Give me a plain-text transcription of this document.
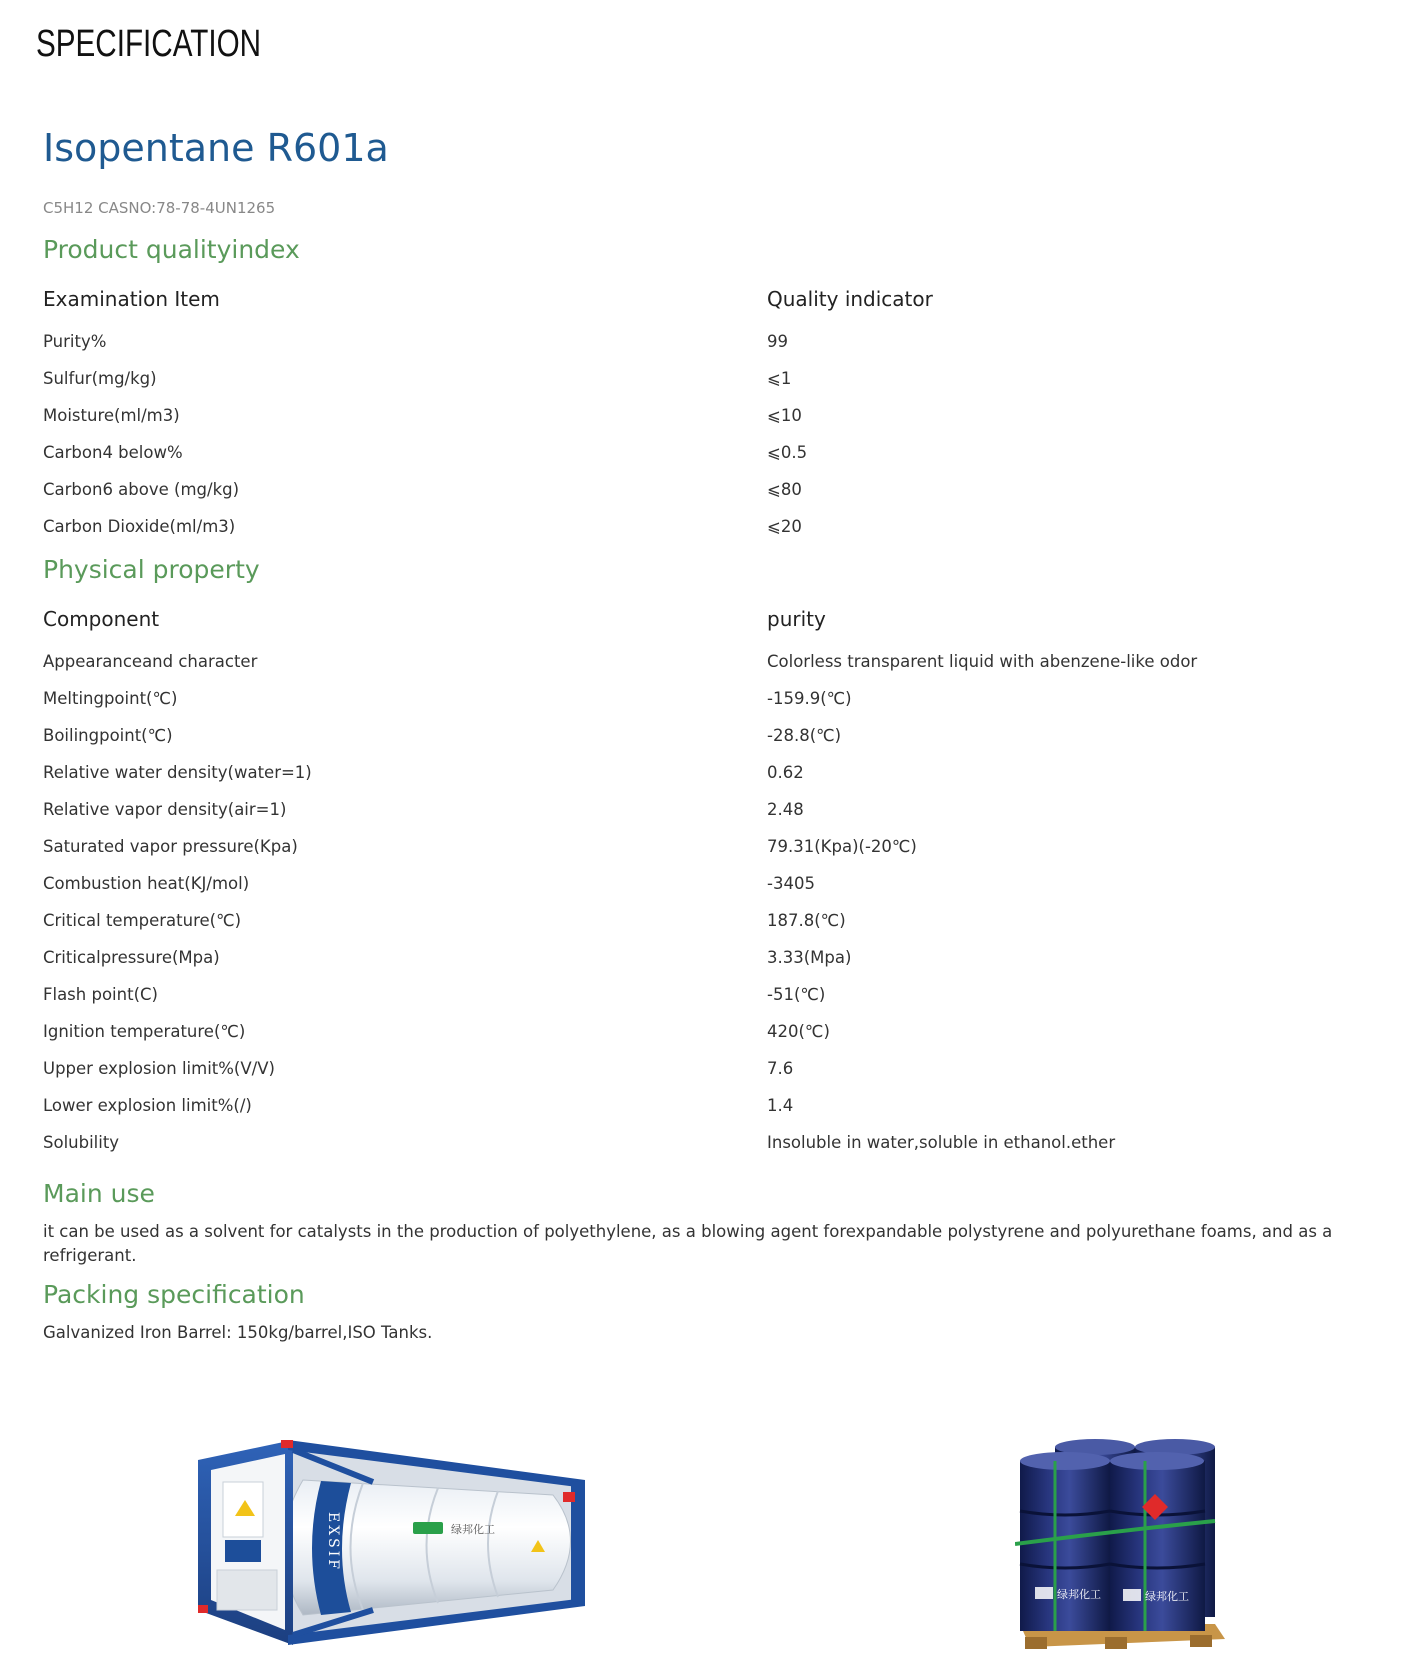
SPECIFICATION
Isopentane R601a
C5H12 CASNO:78-78-4UN1265
Product qualityindex
Examination Item	Quality indicator
Purity%	99
Sulfur(mg/kg)	⩽1
Moisture(ml/m3)	⩽10
Carbon4 below%	⩽0.5
Carbon6 above (mg/kg)	⩽80
Carbon Dioxide(ml/m3)	⩽20
Physical property
Component	purity
Appearanceand character	Colorless transparent liquid with abenzene-like odor
Meltingpoint(℃)	-159.9(℃)
Boilingpoint(℃)	-28.8(℃)
Relative water density(water=1)	0.62
Relative vapor density(air=1)	2.48
Saturated vapor pressure(Kpa)	79.31(Kpa)(-20℃)
Combustion heat(KJ/mol)	-3405
Critical temperature(℃)	187.8(℃)
Criticalpressure(Mpa)	3.33(Mpa)
Flash point(C)	-51(℃)
Ignition temperature(℃)	420(℃)
Upper explosion limit%(V/V)	7.6
Lower explosion limit%(/)	1.4
Solubility	Insoluble in water,soluble in ethanol.ether
Main use

it can be used as a solvent for catalysts in the production of polyethylene, as a blowing agent forexpandable polystyrene and polyurethane foams, and as a refrigerant.

Packing specification

Galvanized Iron Barrel: 150kg/barrel,ISO Tanks.

EXSIF	绿邦化工
绿邦化工	绿邦化工
